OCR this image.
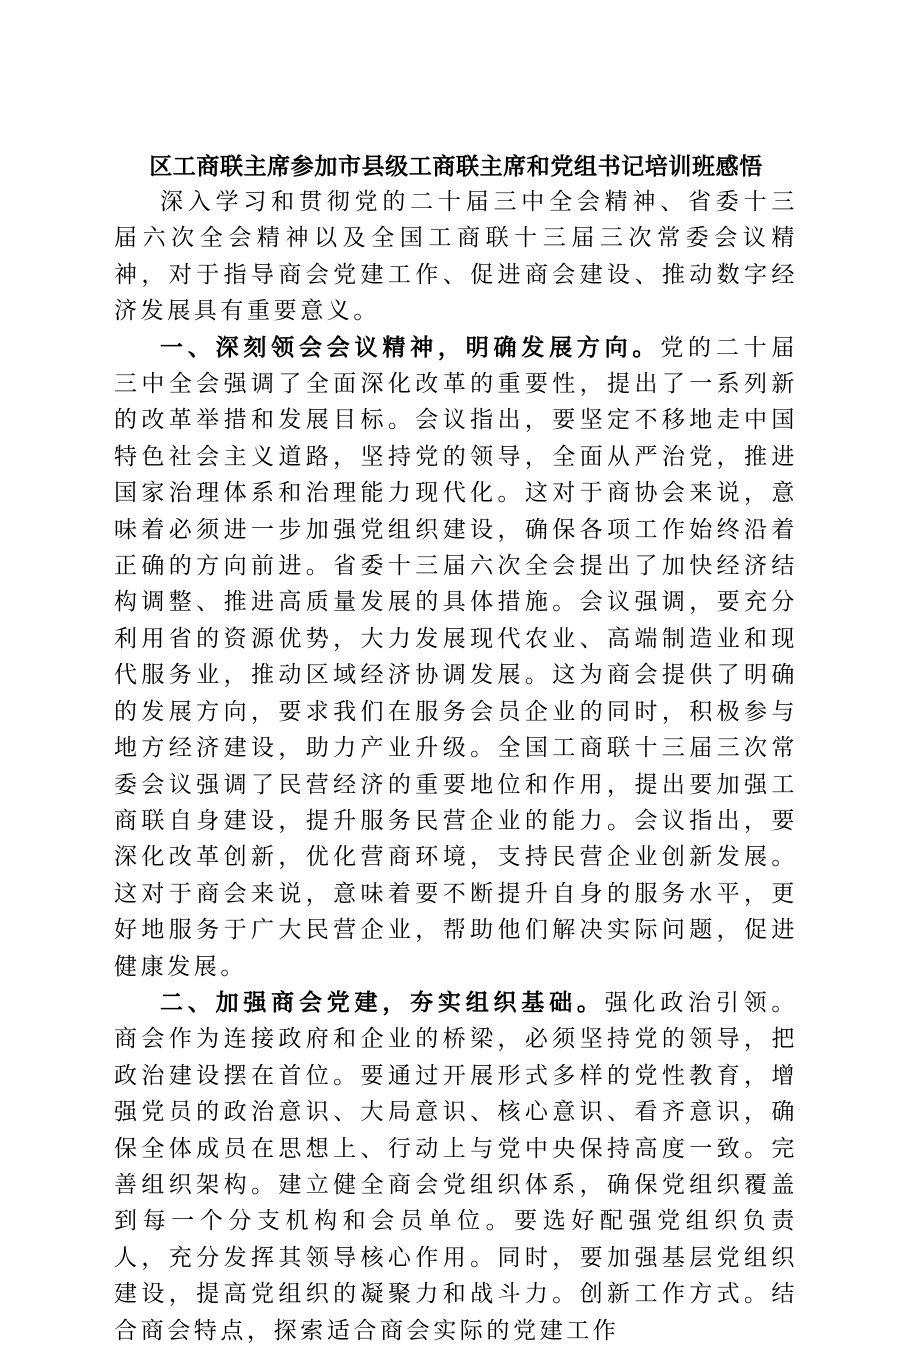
区工商联主席参加市县级工商联主席和党组书记培训班感悟

深入学习和贯彻党的二十届三中全会精神、省委十三届六次全会精神以及全国工商联十三届三次常委会议精神，对于指导商会党建工作、促进商会建设、推动数字经济发展具有重要意义。

一、深刻领会会议精神，明确发展方向。党的二十届三中全会强调了全面深化改革的重要性，提出了一系列新的改革举措和发展目标。会议指出，要坚定不移地走中国特色社会主义道路，坚持党的领导，全面从严治党，推进国家治理体系和治理能力现代化。这对于商协会来说，意味着必须进一步加强党组织建设，确保各项工作始终沿着正确的方向前进。省委十三届六次全会提出了加快经济结构调整、推进高质量发展的具体措施。会议强调，要充分利用省的资源优势，大力发展现代农业、高端制造业和现代服务业，推动区域经济协调发展。这为商会提供了明确的发展方向，要求我们在服务会员企业的同时，积极参与地方经济建设，助力产业升级。全国工商联十三届三次常委会议强调了民营经济的重要地位和作用，提出要加强工商联自身建设，提升服务民营企业的能力。会议指出，要深化改革创新，优化营商环境，支持民营企业创新发展。这对于商会来说，意味着要不断提升自身的服务水平，更好地服务于广大民营企业，帮助他们解决实际问题，促进健康发展。

二、加强商会党建，夯实组织基础。强化政治引领。商会作为连接政府和企业的桥梁，必须坚持党的领导，把政治建设摆在首位。要通过开展形式多样的党性教育，增强党员的政治意识、大局意识、核心意识、看齐意识，确保全体成员在思想上、行动上与党中央保持高度一致。完善组织架构。建立健全商会党组织体系，确保党组织覆盖到每一个分支机构和会员单位。要选好配强党组织负责人，充分发挥其领导核心作用。同时，要加强基层党组织建设，提高党组织的凝聚力和战斗力。创新工作方式。结合商会特点，探索适合商会实际的党建工作
